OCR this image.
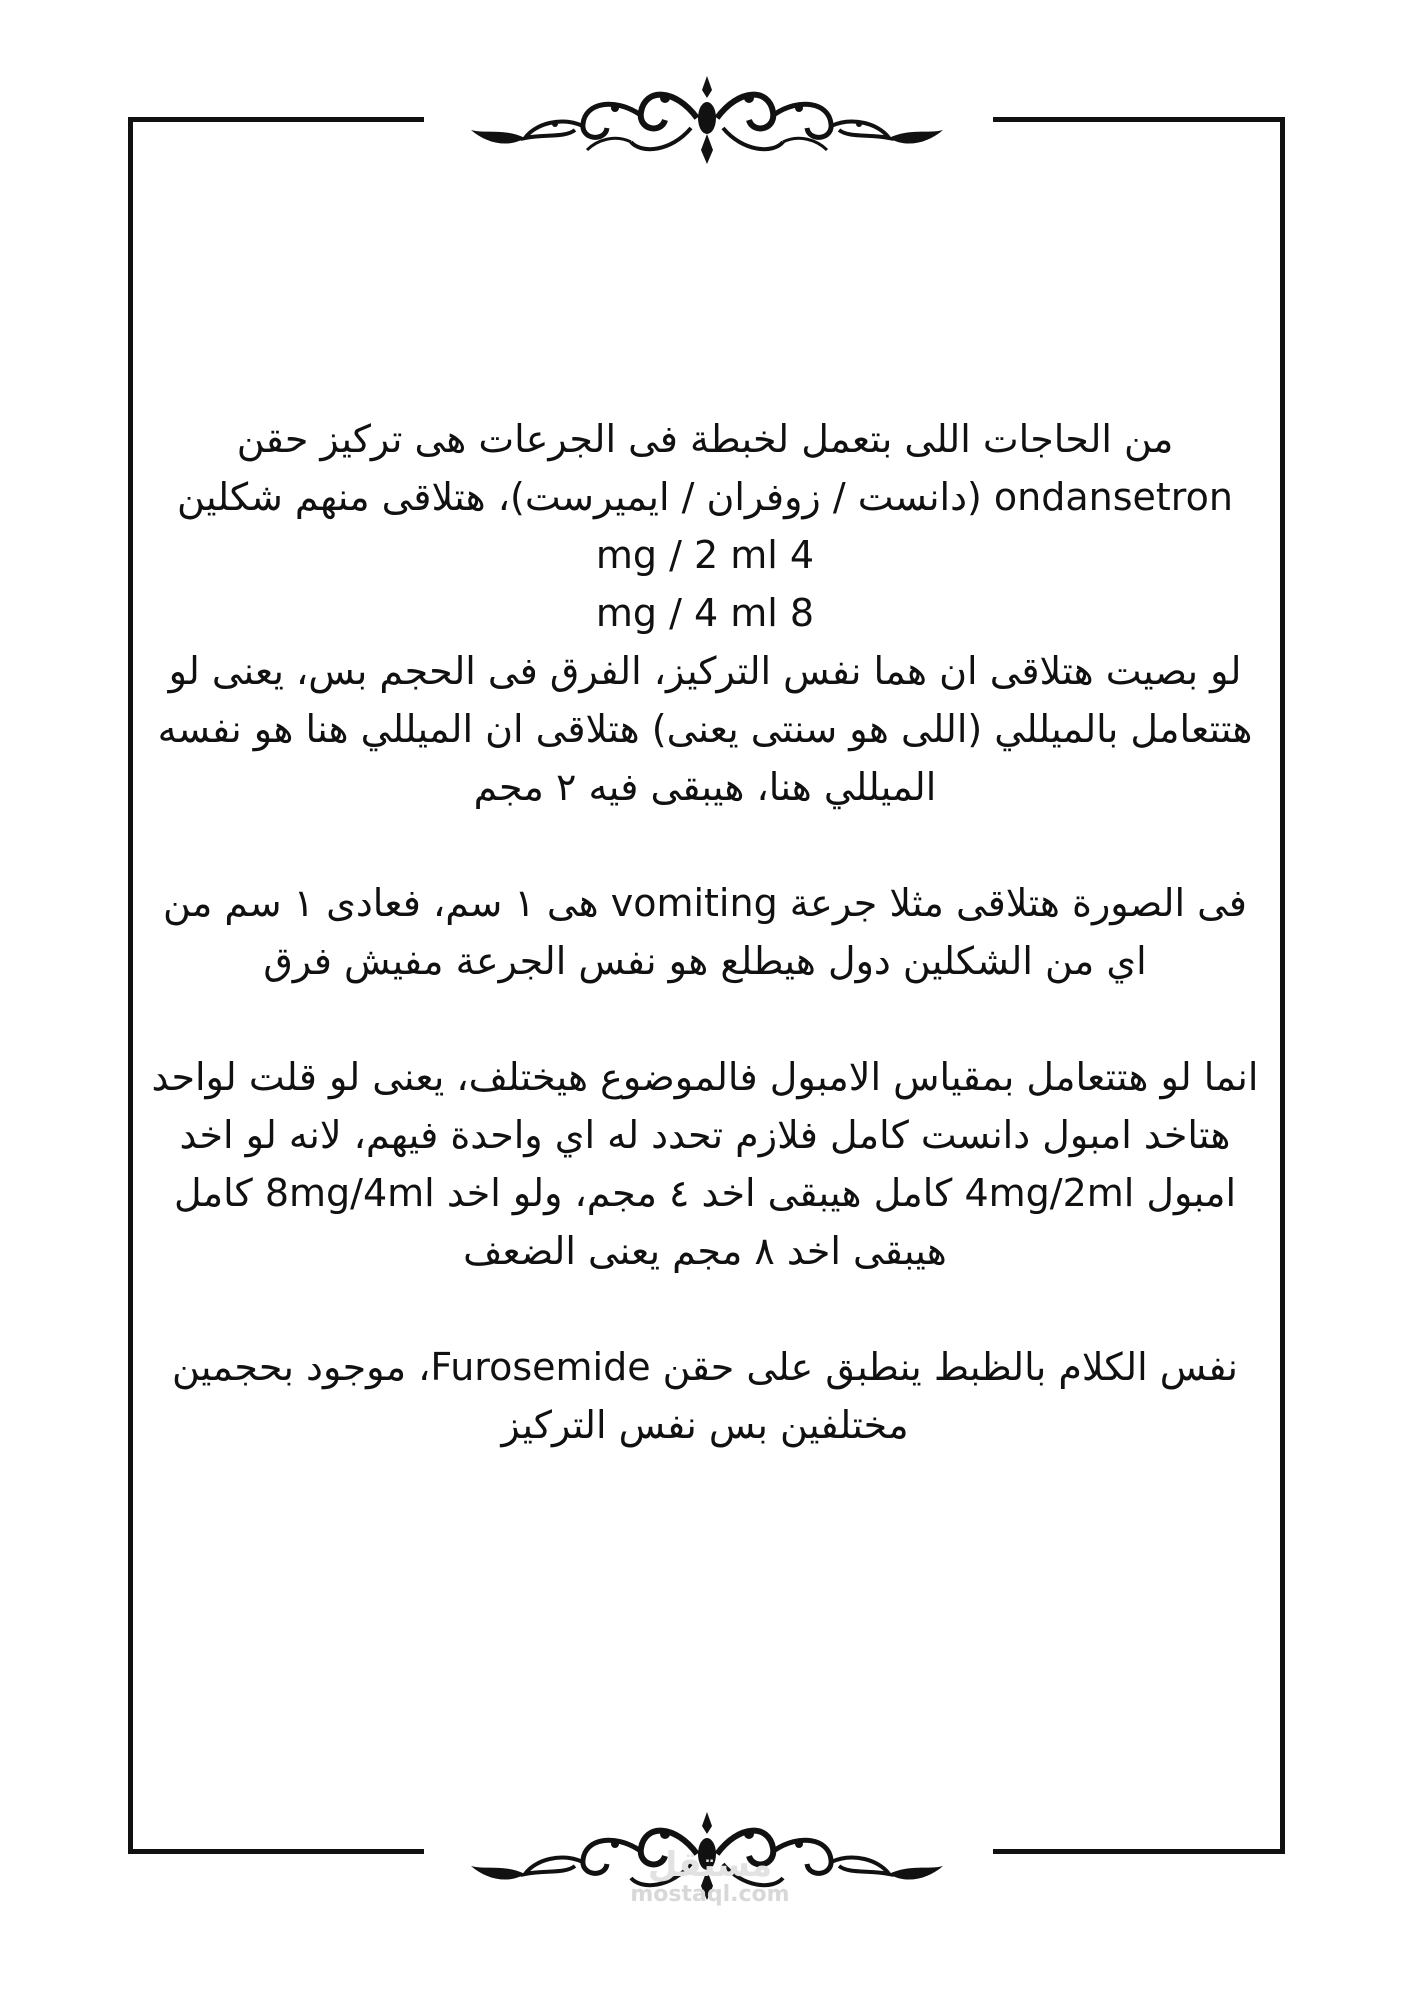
من الحاجات اللى بتعمل لخبطة فى الجرعات هى تركيز حقن ondansetron (دانست / زوفران / ايميرست)، هتلاقى منهم شكلين

mg / 2 ml 4

mg / 4 ml 8

لو بصيت هتلاقى ان هما نفس التركيز، الفرق فى الحجم بس، يعنى لو هتتعامل بالميللي (اللى هو سنتى يعنى) هتلاقى ان الميللي هنا هو نفسه الميللي هنا، هيبقى فيه ٢ مجم

فى الصورة هتلاقى مثلا جرعة vomiting هى ١ سم، فعادى ١ سم من اي من الشكلين دول هيطلع هو نفس الجرعة مفيش فرق

انما لو هتتعامل بمقياس الامبول فالموضوع هيختلف، يعنى لو قلت لواحد هتاخد امبول دانست كامل فلازم تحدد له اي واحدة فيهم، لانه لو اخد امبول 4mg/2ml كامل هيبقى اخد ٤ مجم، ولو اخد 8mg/4ml كامل هيبقى اخد ٨ مجم يعنى الضعف

نفس الكلام بالظبط ينطبق على حقن Furosemide، موجود بحجمين مختلفين بس نفس التركيز

مستقل
mostaql.com
